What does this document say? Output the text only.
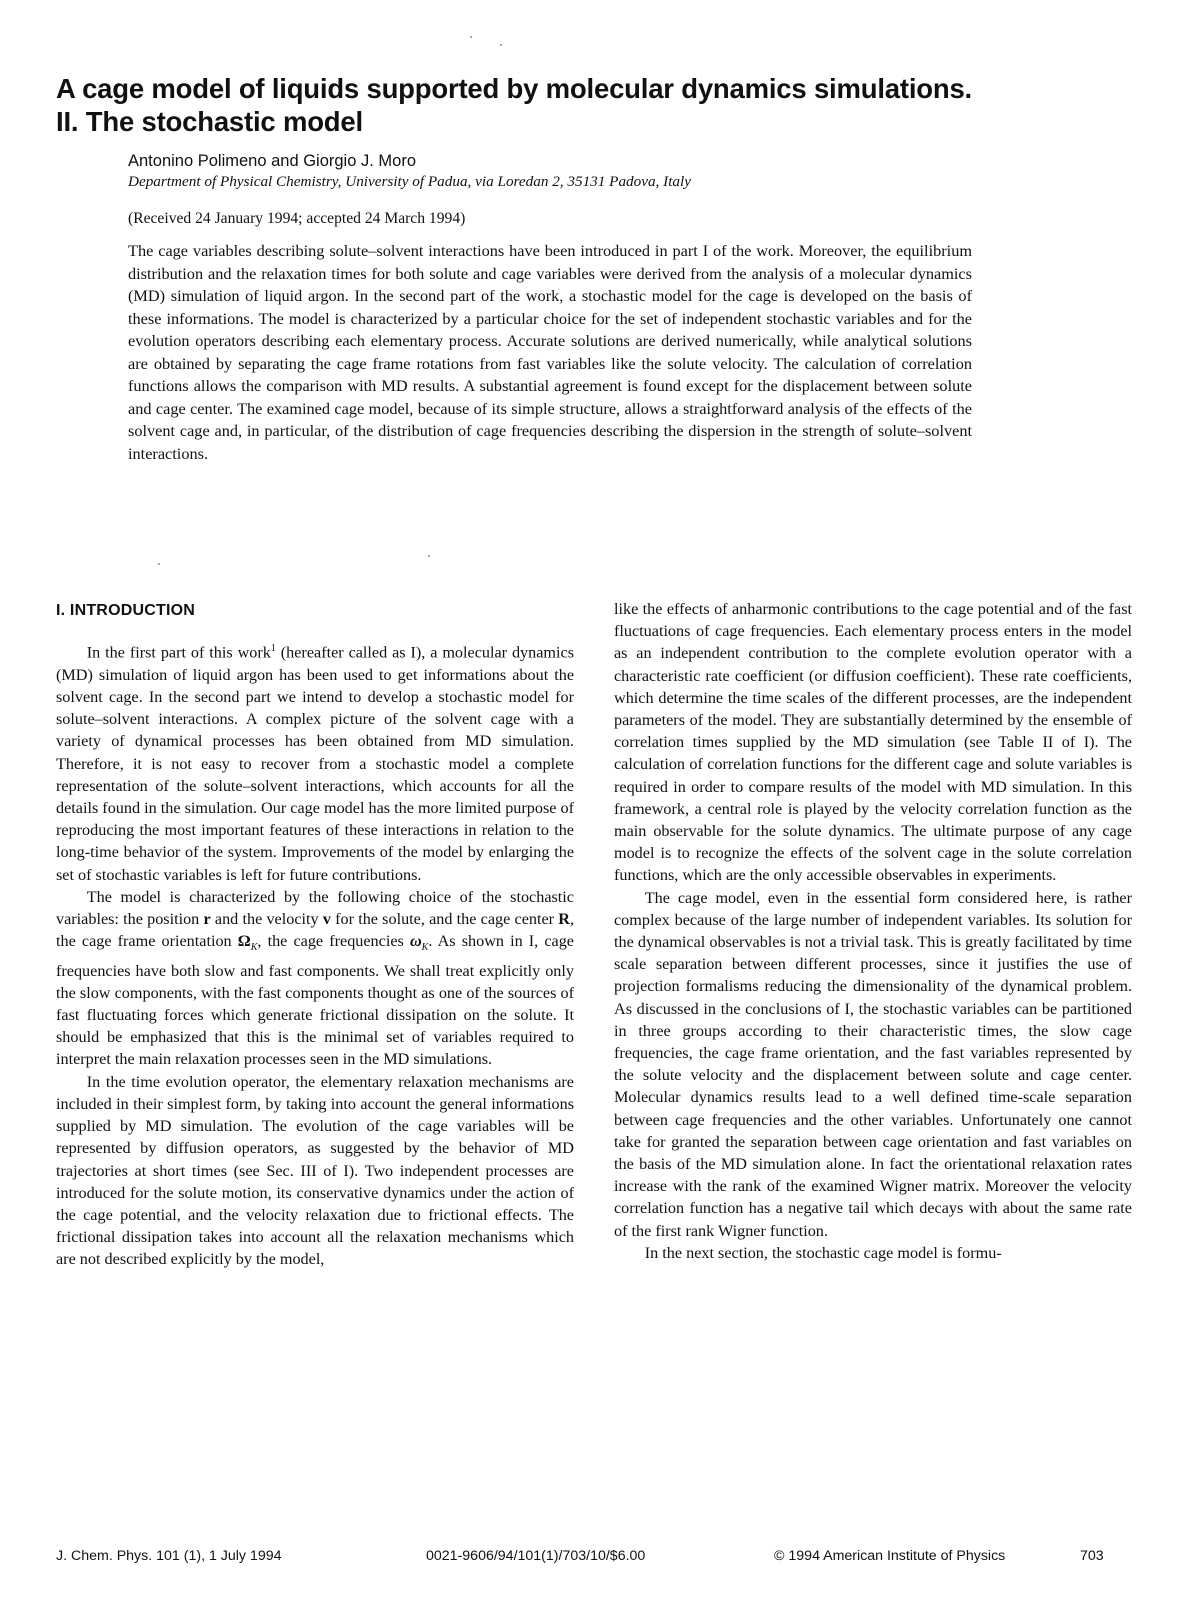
A cage model of liquids supported by molecular dynamics simulations.
II. The stochastic model
Antonino Polimeno and Giorgio J. Moro
Department of Physical Chemistry, University of Padua, via Loredan 2, 35131 Padova, Italy
(Received 24 January 1994; accepted 24 March 1994)
The cage variables describing solute–solvent interactions have been introduced in part I of the work. Moreover, the equilibrium distribution and the relaxation times for both solute and cage variables were derived from the analysis of a molecular dynamics (MD) simulation of liquid argon. In the second part of the work, a stochastic model for the cage is developed on the basis of these informations. The model is characterized by a particular choice for the set of independent stochastic variables and for the evolution operators describing each elementary process. Accurate solutions are derived numerically, while analytical solutions are obtained by separating the cage frame rotations from fast variables like the solute velocity. The calculation of correlation functions allows the comparison with MD results. A substantial agreement is found except for the displacement between solute and cage center. The examined cage model, because of its simple structure, allows a straightforward analysis of the effects of the solvent cage and, in particular, of the distribution of cage frequencies describing the dispersion in the strength of solute–solvent interactions.
I. INTRODUCTION

In the first part of this work$^1$ (hereafter called as I), a molecular dynamics (MD) simulation of liquid argon has been used to get informations about the solvent cage. In the second part we intend to develop a stochastic model for solute–solvent interactions. A complex picture of the solvent cage with a variety of dynamical processes has been obtained from MD simulation. Therefore, it is not easy to recover from a stochastic model a complete representation of the solute–solvent interactions, which accounts for all the details found in the simulation. Our cage model has the more limited purpose of reproducing the most important features of these interactions in relation to the long-time behavior of the system. Improvements of the model by enlarging the set of stochastic variables is left for future contributions.

The model is characterized by the following choice of the stochastic variables: the position r and the velocity v for the solute, and the cage center R, the cage frame orientation $\Omega_K$, the cage frequencies $\omega_K$. As shown in I, cage frequencies have both slow and fast components. We shall treat explicitly only the slow components, with the fast components thought as one of the sources of fast fluctuating forces which generate frictional dissipation on the solute. It should be emphasized that this is the minimal set of variables required to interpret the main relaxation processes seen in the MD simulations.

In the time evolution operator, the elementary relaxation mechanisms are included in their simplest form, by taking into account the general informations supplied by MD simulation. The evolution of the cage variables will be represented by diffusion operators, as suggested by the behavior of MD trajectories at short times (see Sec. III of I). Two independent processes are introduced for the solute motion, its conservative dynamics under the action of the cage potential, and the velocity relaxation due to frictional effects. The frictional dissipation takes into account all the relaxation mechanisms which are not described explicitly by the model,

like the effects of anharmonic contributions to the cage potential and of the fast fluctuations of cage frequencies. Each elementary process enters in the model as an independent contribution to the complete evolution operator with a characteristic rate coefficient (or diffusion coefficient). These rate coefficients, which determine the time scales of the different processes, are the independent parameters of the model. They are substantially determined by the ensemble of correlation times supplied by the MD simulation (see Table II of I). The calculation of correlation functions for the different cage and solute variables is required in order to compare results of the model with MD simulation. In this framework, a central role is played by the velocity correlation function as the main observable for the solute dynamics. The ultimate purpose of any cage model is to recognize the effects of the solvent cage in the solute correlation functions, which are the only accessible observables in experiments.

The cage model, even in the essential form considered here, is rather complex because of the large number of independent variables. Its solution for the dynamical observables is not a trivial task. This is greatly facilitated by time scale separation between different processes, since it justifies the use of projection formalisms reducing the dimensionality of the dynamical problem. As discussed in the conclusions of I, the stochastic variables can be partitioned in three groups according to their characteristic times, the slow cage frequencies, the cage frame orientation, and the fast variables represented by the solute velocity and the displacement between solute and cage center. Molecular dynamics results lead to a well defined time-scale separation between cage frequencies and the other variables. Unfortunately one cannot take for granted the separation between cage orientation and fast variables on the basis of the MD simulation alone. In fact the orientational relaxation rates increase with the rank of the examined Wigner matrix. Moreover the velocity correlation function has a negative tail which decays with about the same rate of the first rank Wigner function.

In the next section, the stochastic cage model is formu-

J. Chem. Phys. 101 (1), 1 July 1994	0021-9606/94/101(1)/703/10/$6.00	© 1994 American Institute of Physics	703
